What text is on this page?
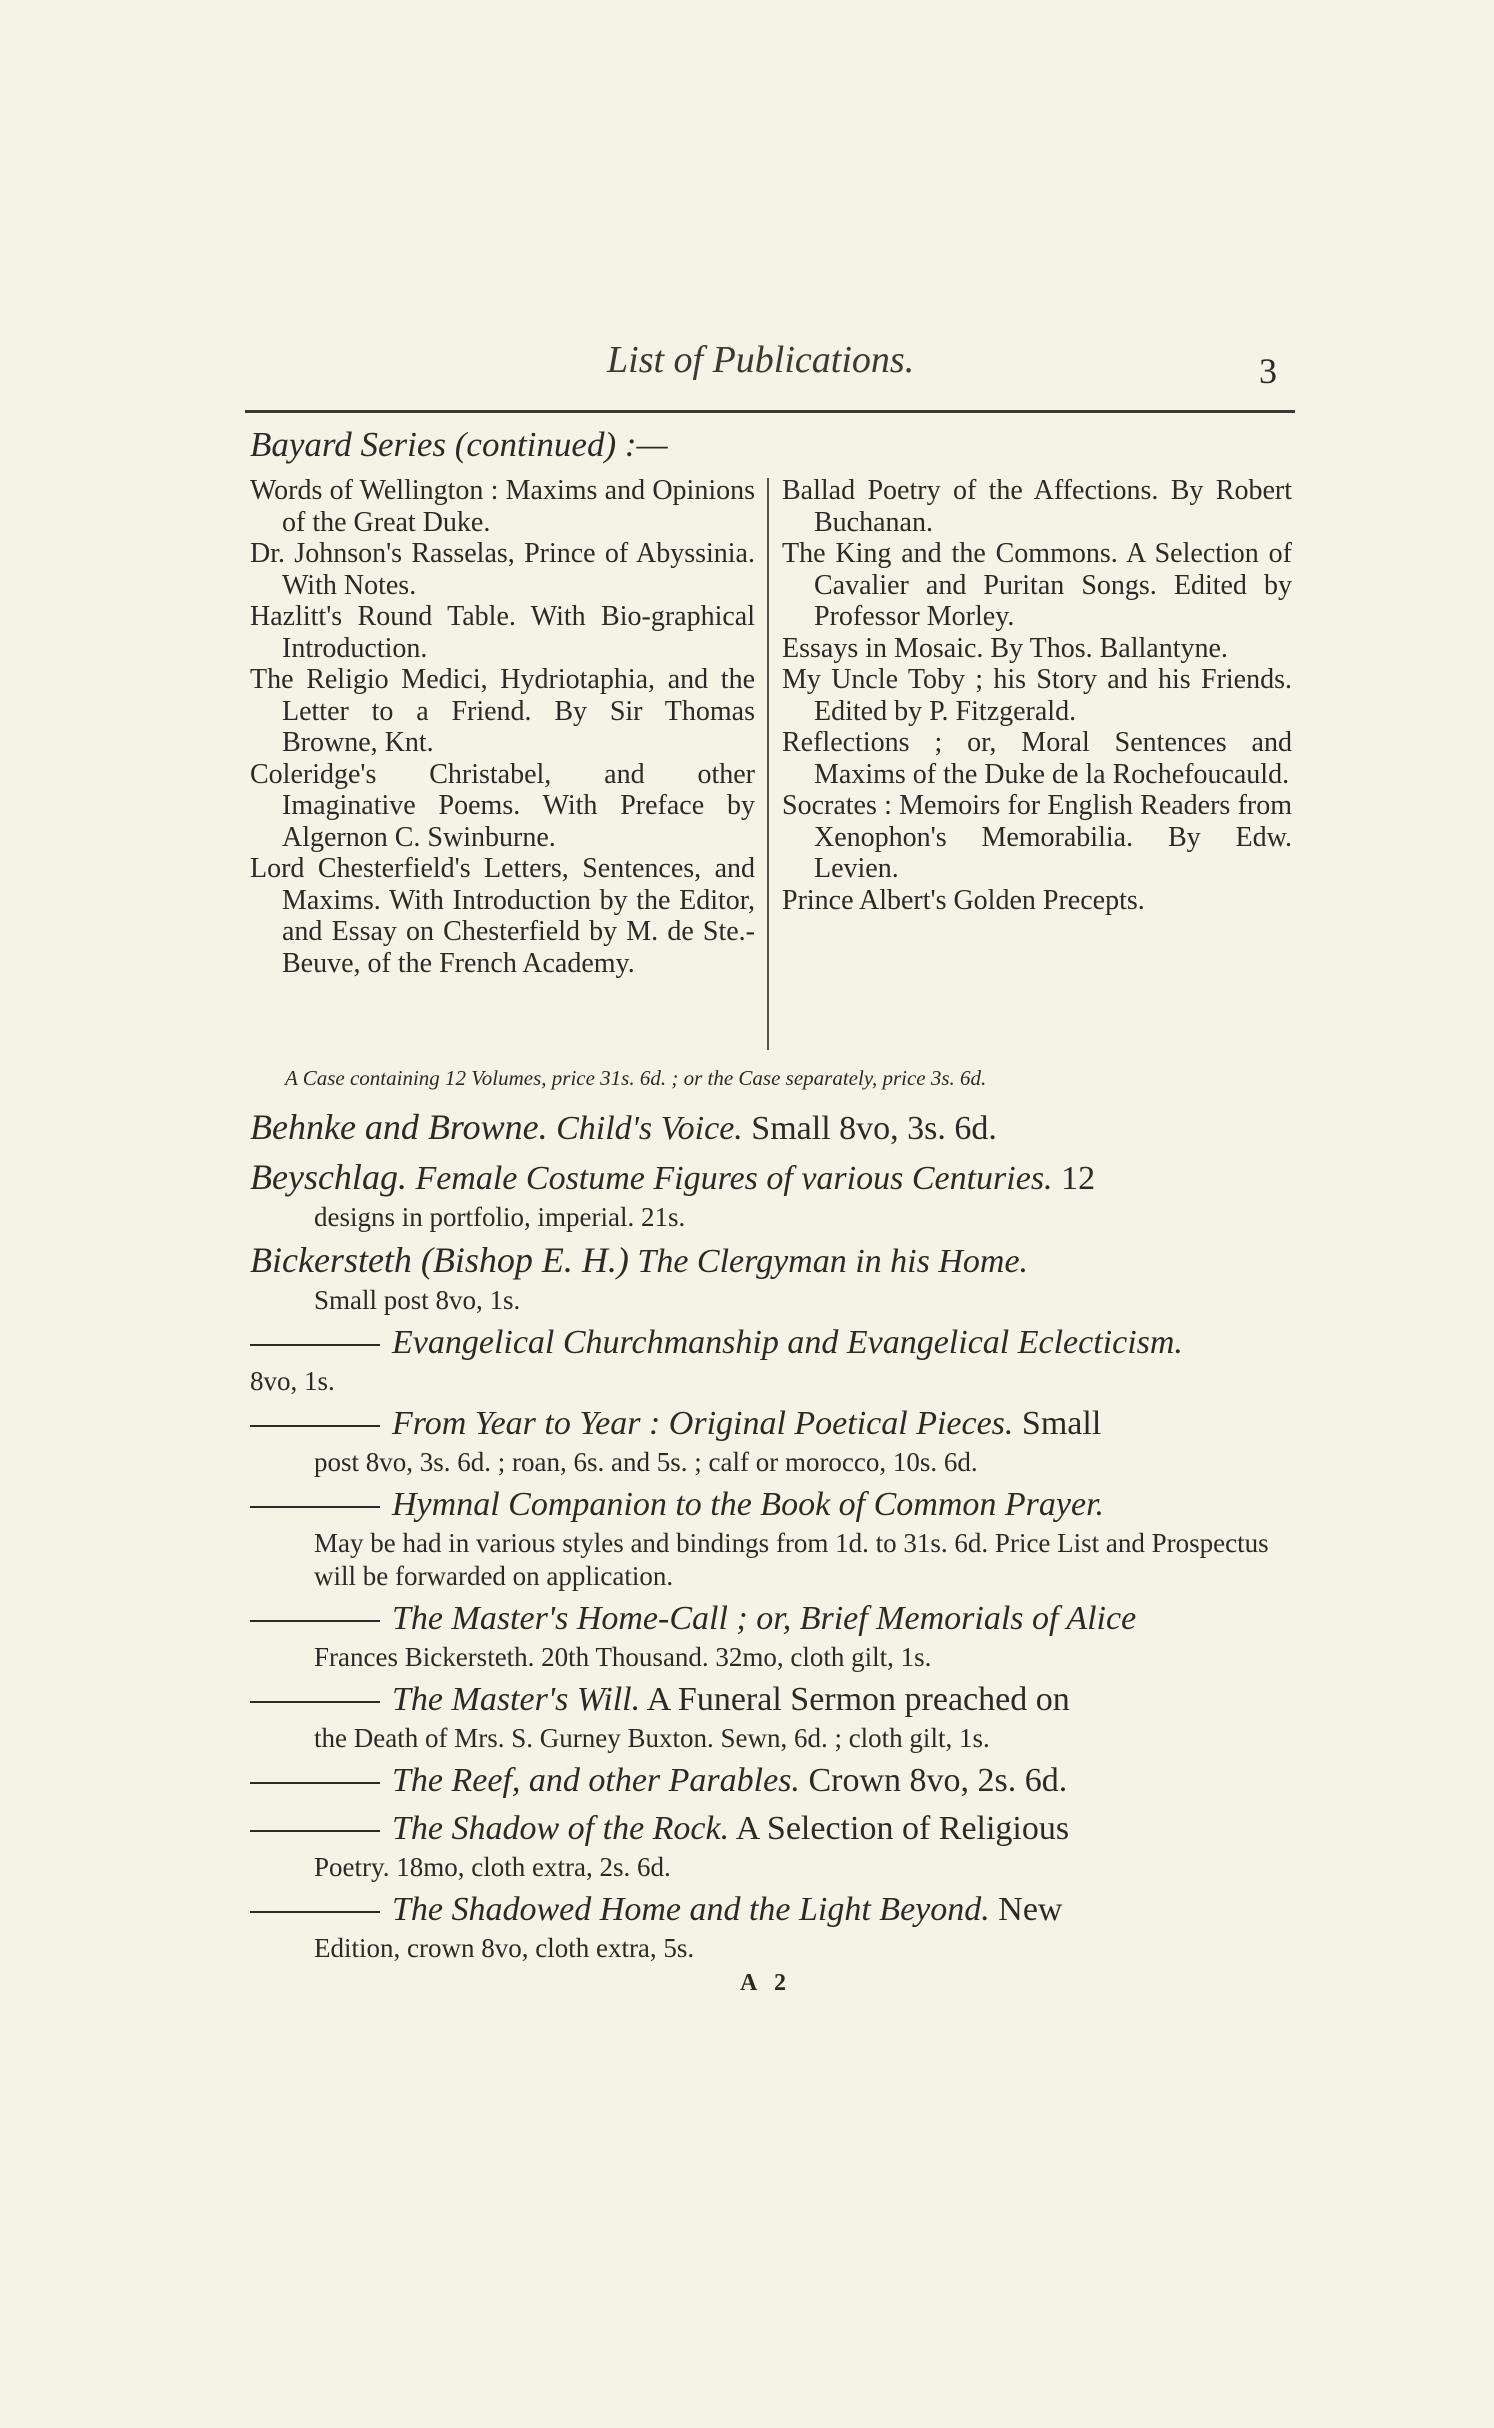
List of Publications.	3
Bayard Series (continued) :—
Words of Wellington : Maxims and Opinions of the Great Duke.
Dr. Johnson's Rasselas, Prince of Abyssinia. With Notes.
Hazlitt's Round Table. With Bio-graphical Introduction.
The Religio Medici, Hydriotaphia, and the Letter to a Friend. By Sir Thomas Browne, Knt.
Coleridge's Christabel, and other Imaginative Poems. With Preface by Algernon C. Swinburne.
Lord Chesterfield's Letters, Sentences, and Maxims. With Introduction by the Editor, and Essay on Chesterfield by M. de Ste.-Beuve, of the French Academy.
Ballad Poetry of the Affections. By Robert Buchanan.
The King and the Commons. A Selection of Cavalier and Puritan Songs. Edited by Professor Morley.
Essays in Mosaic. By Thos. Ballantyne.
My Uncle Toby ; his Story and his Friends. Edited by P. Fitzgerald.
Reflections ; or, Moral Sentences and Maxims of the Duke de la Rochefoucauld.
Socrates : Memoirs for English Readers from Xenophon's Memorabilia. By Edw. Levien.
Prince Albert's Golden Precepts.
A Case containing 12 Volumes, price 31s. 6d. ; or the Case separately, price 3s. 6d.
Behnke and Browne. Child's Voice. Small 8vo, 3s. 6d.
Beyschlag. Female Costume Figures of various Centuries. 12
designs in portfolio, imperial. 21s.
Bickersteth (Bishop E. H.) The Clergyman in his Home.
Small post 8vo, 1s.
Evangelical Churchmanship and Evangelical Eclecticism.
8vo, 1s.
From Year to Year : Original Poetical Pieces. Small
post 8vo, 3s. 6d. ; roan, 6s. and 5s. ; calf or morocco, 10s. 6d.
Hymnal Companion to the Book of Common Prayer.
May be had in various styles and bindings from 1d. to 31s. 6d. Price List and Prospectus will be forwarded on application.
The Master's Home-Call ; or, Brief Memorials of Alice
Frances Bickersteth. 20th Thousand. 32mo, cloth gilt, 1s.
The Master's Will. A Funeral Sermon preached on
the Death of Mrs. S. Gurney Buxton. Sewn, 6d. ; cloth gilt, 1s.
The Reef, and other Parables. Crown 8vo, 2s. 6d.
The Shadow of the Rock. A Selection of Religious
Poetry. 18mo, cloth extra, 2s. 6d.
The Shadowed Home and the Light Beyond. New
Edition, crown 8vo, cloth extra, 5s.
A 2
